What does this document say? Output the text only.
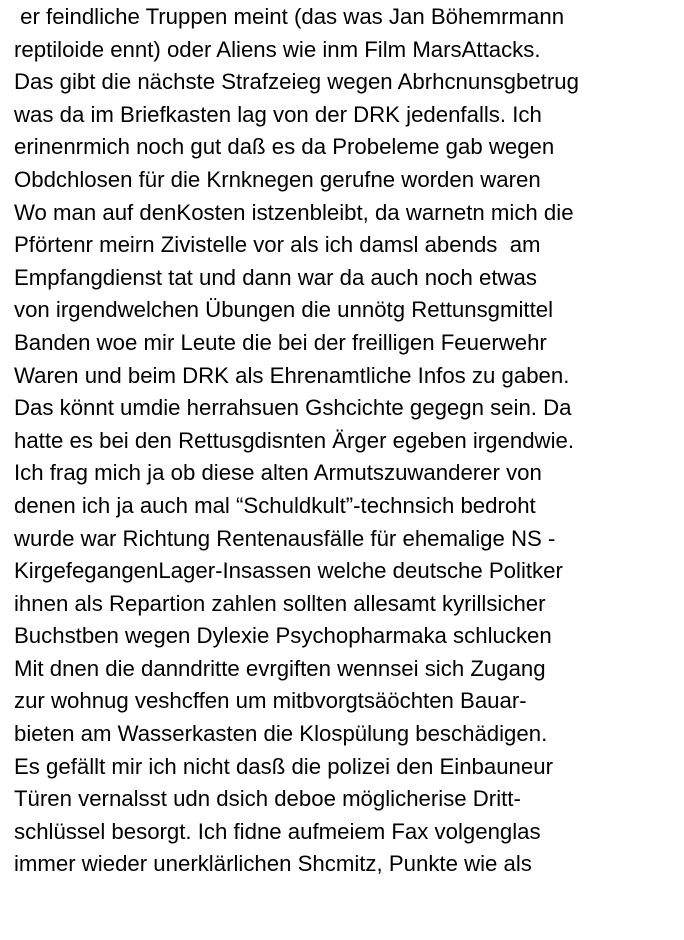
er feindliche Truppen meint (das was Jan Böhemrmann
reptiloide ennt) oder Aliens wie inm Film MarsAttacks.
Das gibt die nächste Strafzeieg wegen Abrhcnunsgbetrug
was da im Briefkasten lag von der DRK jedenfalls. Ich
erinenrmich noch gut daß es da Probeleme gab wegen
Obdchlosen für die Krnknegen gerufne worden waren
Wo man auf denKosten istzenbleibt, da warnetn mich die
Pförtenr meirn Zivistelle vor als ich damsl abends  am
Empfangdienst tat und dann war da auch noch etwas
von irgendwelchen Übungen die unnötg Rettunsgmittel
Banden woe mir Leute die bei der freilligen Feuerwehr
Waren und beim DRK als Ehrenamtliche Infos zu gaben.
Das könnt umdie herrahsuen Gshcichte gegegn sein. Da
hatte es bei den Rettusgdisnten Ärger egeben irgendwie.
Ich frag mich ja ob diese alten Armutszuwanderer von
denen ich ja auch mal “Schuldkult”-technsich bedroht
wurde war Richtung Rentenausfälle für ehemalige NS -
KirgefegangenLager-Insassen welche deutsche Politker
ihnen als Repartion zahlen sollten allesamt kyrillsicher
Buchstben wegen Dylexie Psychopharmaka schlucken
Mit dnen die danndritte evrgiften wennsei sich Zugang
zur wohnug veshcffen um mitbvorgtsäöchten Bauar-
bieten am Wasserkasten die Klospülung beschädigen.
Es gefällt mir ich nicht dasß die polizei den Einbauneur
Türen vernalsst udn dsich deboe möglicherise Dritt-
schlüssel besorgt. Ich fidne aufmeiem Fax volgenglas
immer wieder unerklärlichen Shcmitz, Punkte wie als
